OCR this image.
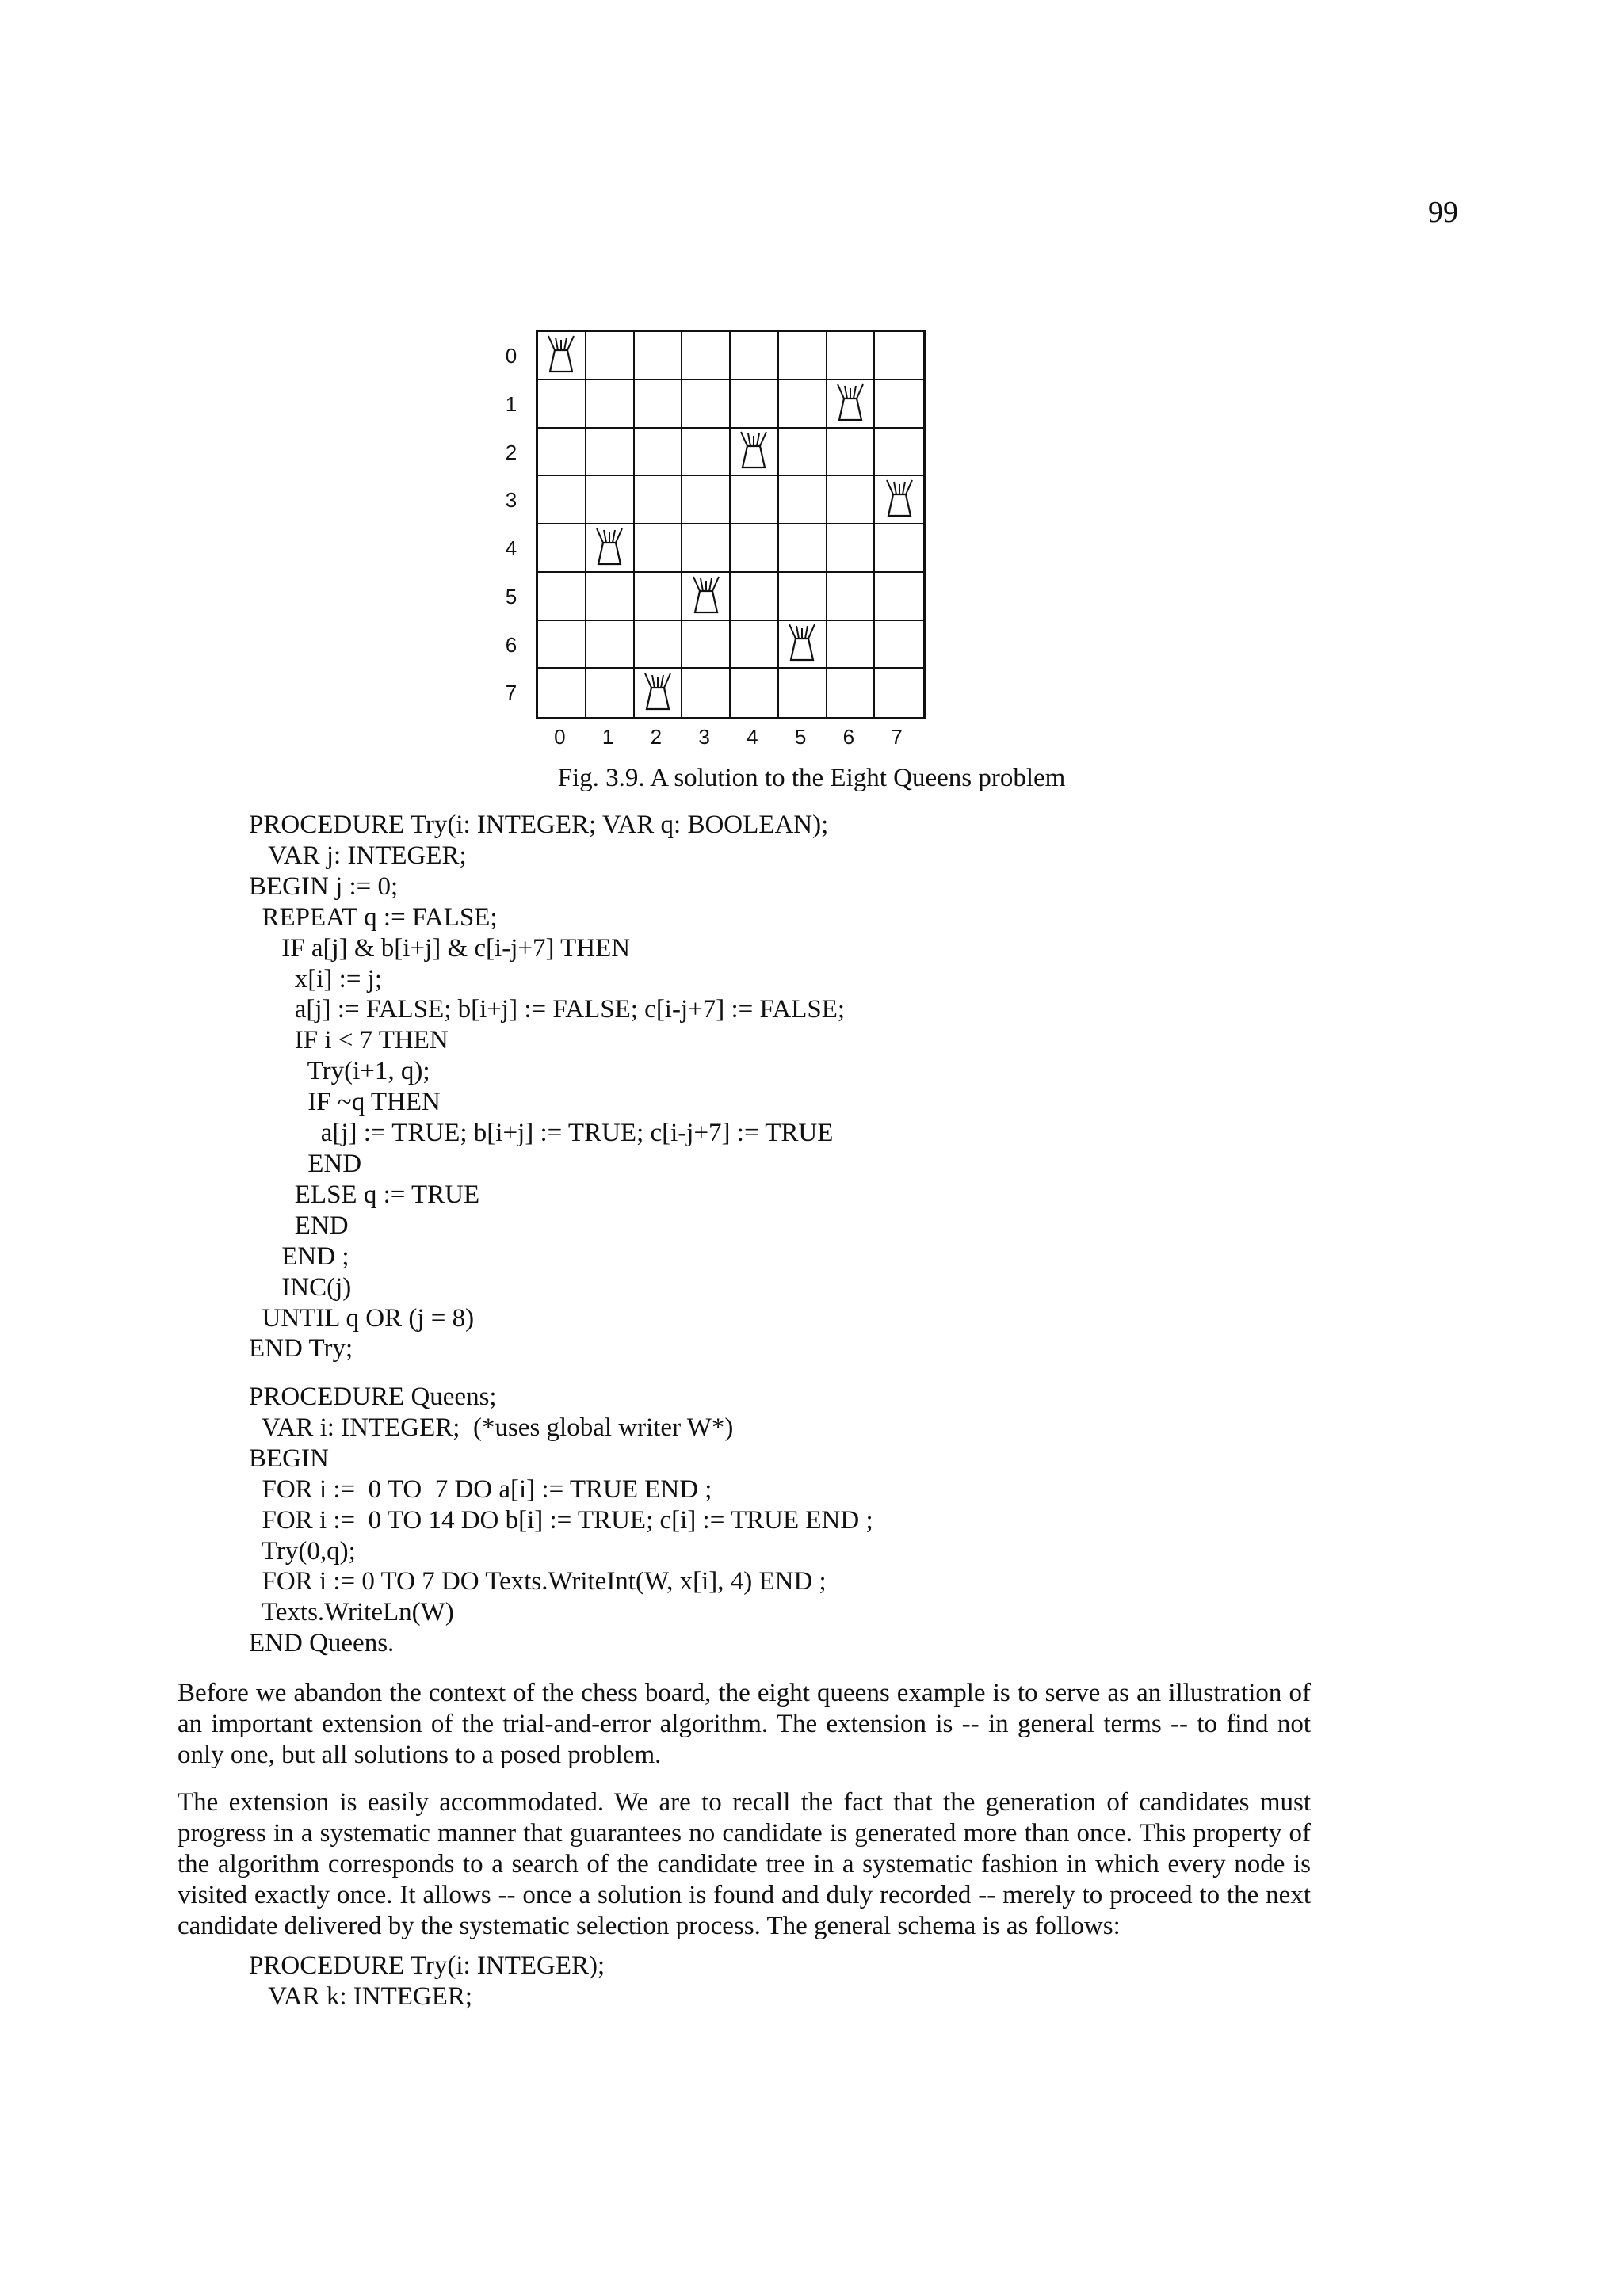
99
0
1
2
3
4
5
6
7
0	1	2	3	4	5	6	7
Fig. 3.9. A solution to the Eight Queens problem
PROCEDURE Try(i: INTEGER; VAR q: BOOLEAN);
VAR j: INTEGER;
BEGIN j := 0;
REPEAT q := FALSE;
IF a[j] & b[i+j] & c[i-j+7] THEN
x[i] := j;
a[j] := FALSE; b[i+j] := FALSE; c[i-j+7] := FALSE;
IF i < 7 THEN
Try(i+1, q);
IF ~q THEN
a[j] := TRUE; b[i+j] := TRUE; c[i-j+7] := TRUE
END
ELSE q := TRUE
END
END ;
INC(j)
UNTIL q OR (j = 8)
END Try;
PROCEDURE Queens;
VAR i: INTEGER;  (*uses global writer W*)
BEGIN
FOR i :=  0 TO  7 DO a[i] := TRUE END ;
FOR i :=  0 TO 14 DO b[i] := TRUE; c[i] := TRUE END ;
Try(0,q);
FOR i := 0 TO 7 DO Texts.WriteInt(W, x[i], 4) END ;
Texts.WriteLn(W)
END Queens.

Before we abandon the context of the chess board, the eight queens example is to serve as an illustration of an important extension of the trial-and-error algorithm. The extension is -- in general terms -- to find not only one, but all solutions to a posed problem.

The extension is easily accommodated. We are to recall the fact that the generation of candidates must progress in a systematic manner that guarantees no candidate is generated more than once. This property of the algorithm corresponds to a search of the candidate tree in a systematic fashion in which every node is visited exactly once. It allows -- once a solution is found and duly recorded -- merely to proceed to the next candidate delivered by the systematic selection process. The general schema is as follows:

PROCEDURE Try(i: INTEGER);
VAR k: INTEGER;
